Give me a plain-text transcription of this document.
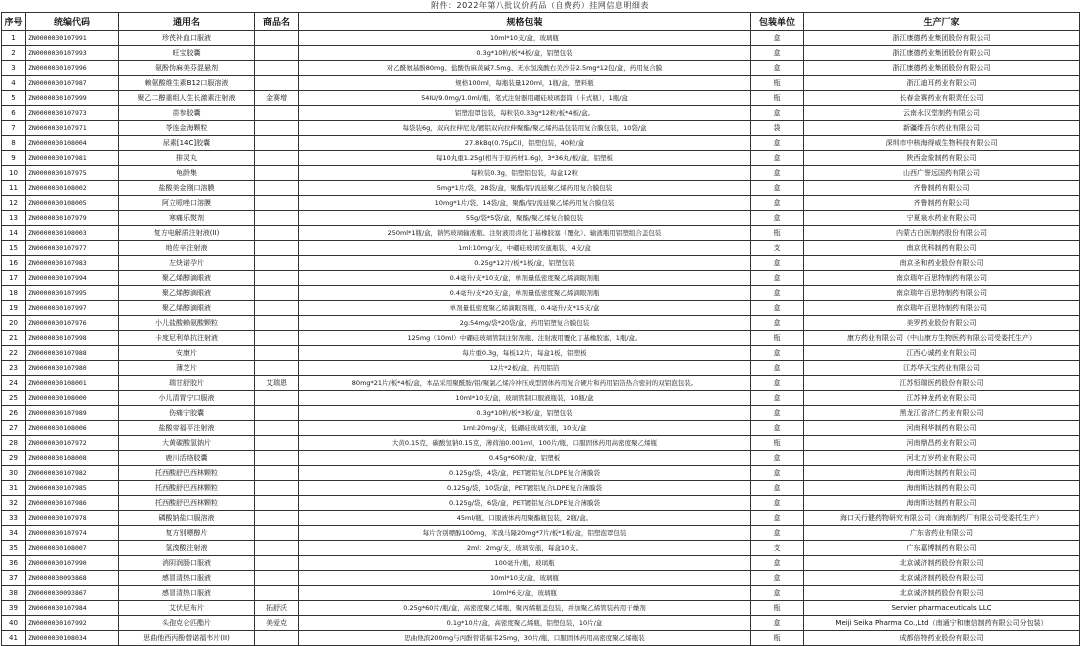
附件：2022年第八批议价药品（自费药）挂网信息明细表
序号	统编代码	通用名	商品名	规格包装	包装单位	生产厂家
1	ZN0000030107991	珍芪补血口服液		10ml*10支/盒，玻璃瓶	盒	浙江康德药业集团股份有限公司
2	ZN0000030107993	旺宝胶囊		0.3g*10粒/板*4板/盒，铝塑包装	盒	浙江康德药业集团股份有限公司
3	ZN0000030107996	氨酚伪麻美芬混悬剂		对乙酰氨基酚80mg、盐酸伪麻黄碱7.5mg、无水氢溴酸右美沙芬2.5mg*12包/盒，药用复合膜	盒	浙江康德药业集团股份有限公司
4	ZN0000030107987	赖氨酸维生素B12口服溶液		规格100ml，每瓶装量120ml，1瓶/盒，塑料瓶	瓶	浙江迪耳药业有限公司
5	ZN0000030107999	聚乙二醇重组人生长激素注射液	金赛增	54IU/9.0mg/1.0ml/瓶，笔式注射器用硼硅玻璃套筒（卡式瓶），1瓶/盒	瓶	长春金赛药业有限责任公司
6	ZN0000030107973	苗参胶囊		铝塑泡罩包装，每粒装0.33g*12粒/板*4板/盒。	盒	云南永汉堂制药有限公司
7	ZN0000030107971	苓连金海颗粒		每袋装6g，双向拉伸尼龙/镀铝双向拉伸聚酯/聚乙烯药品包装用复合膜包装，10袋/盒	袋	新疆维吾尔药业有限公司
8	ZN0000030108004	尿素[14C]胶囊		27.8kBq(0.75μCi)，铝塑包装，40粒/盒	盒	深圳市中核海得威生物科技有限公司
9	ZN0000030107981	排灵丸		每10丸重1.25g(相当于原药材1.6g)，3*36丸/板/盒，铝塑板	盒	陕西金象制药有限公司
10	ZN0000030107975	龟龄集		每粒装0.3g，铝塑铝包装，每盒12粒	盒	山西广誉远国药有限公司
11	ZN0000030108002	盐酸美金刚口溶膜		5mg*1片/袋，28袋/盒，聚酯/铝/流延聚乙烯药用复合膜包装	盒	齐鲁制药有限公司
12	ZN0000030108005	阿立哌唑口溶膜		10mg*1片/袋，14袋/盒，聚酯/铝/流延聚乙烯药用复合膜包装	盒	齐鲁制药有限公司
13	ZN0000030107979	寒痛乐熨剂		55g/袋*5袋/盒，聚酯/聚乙烯复合膜包装	盒	宁夏泉水药业有限公司
14	ZN0000030108003	复方电解质注射液(II)		250ml*1瓶/盒，钠钙玻璃输液瓶、注射液用卤化丁基橡胶塞（覆化）、输液瓶用铝塑组合盖包装	瓶	内蒙古白医制药股份有限公司
15	ZN0000030107977	地佐辛注射液		1ml:10mg/支，中硼硅玻璃安瓿瓶装，4支/盒	支	南京优科制药有限公司
16	ZN0000030107983	左炔诺孕片		0.25g*12片/板*1板/盒，铝塑包装	盒	南京圣和药业股份有限公司
17	ZN0000030107994	聚乙烯醇滴眼液		0.4毫升/支*10支/盒，单剂量低密度聚乙烯滴眼剂瓶	盒	南京瑞年百思特制药有限公司
18	ZN0000030107995	聚乙烯醇滴眼液		0.4毫升/支*20支/盒，单剂量低密度聚乙烯滴眼剂瓶	盒	南京瑞年百思特制药有限公司
19	ZN0000030107997	聚乙烯醇滴眼液		单剂量低密度聚乙烯滴眼剂瓶，0.4毫升/支*15支/盒	盒	南京瑞年百思特制药有限公司
20	ZN0000030107976	小儿盐酸赖氨酸颗粒		2g:54mg/袋*20袋/盒，药用铝塑复合膜包装	盒	美罗药业股份有限公司
21	ZN0000030107998	卡度尼利单抗注射液		125mg（10ml）中硼硅玻璃管制注射剂瓶、注射液用覆化丁基橡胶塞，1瓶/盒。	瓶	康方药业有限公司（中山康方生物医药有限公司受委托生产）
22	ZN0000030107988	安康片		每片重0.3g，每板12片，每盒1板，铝塑板	盒	江西心诚药业有限公司
23	ZN0000030107980	薄芝片		12片*2板/盒，药用铝箔	盒	江苏华天宝药业有限公司
24	ZN0000030108001	瑞甘舒胶片	艾瑞恩	80mg*21片/板*4板/盒，本品采用聚酰胺/铝/聚氯乙烯冷冲压成型固体药用复合硬片和药用铝箔热合密封的双铝泡包装。	盒	江苏恒瑞医药股份有限公司
25	ZN0000030108000	小儿清胃宁口服液		10ml*10支/盒，玻璃管制口服液瓶装，10瓶/盒	盒	江苏神龙药业有限公司
26	ZN0000030107989	伤痛宁胶囊		0.3g*10粒/板*3板/盒，铝塑包装	盒	黑龙江省济仁药业有限公司
27	ZN0000030108006	盐酸帝福平注射液		1ml:20mg/支，低硼硅玻璃安瓿，10支/盒	盒	河南利华制药有限公司
28	ZN0000030107972	大黄碳酸氢钠片		大黄0.15克，碳酸氢钠0.15克，薄荷油0.001ml，100片/瓶，口服固体药用高密度聚乙烯瓶	瓶	河南鼎昌药业有限公司
29	ZN0000030108008	鹿川活络胶囊		0.45g*60粒/盒，铝塑板	盒	河北万岁药业有限公司
30	ZN0000030107982	托西酸舒巴西林颗粒		0.125g/袋，4袋/盒，PET镀铝复合LDPE复合薄膜袋	盒	海南斯达制药有限公司
31	ZN0000030107985	托西酸舒巴西林颗粒		0.125g/袋，10袋/盒，PET镀铝复合LDPE复合薄膜袋	盒	海南斯达制药有限公司
32	ZN0000030107986	托西酸舒巴西林颗粒		0.125g/袋，6袋/盒，PET镀铝复合LDPE复合薄膜袋	盒	海南斯达制药有限公司
33	ZN0000030107978	磷酸钠盐口服溶液		45ml/瓶，口服液体药用聚酯瓶包装，2瓶/盒。	盒	海口天行健药物研究有限公司（海南制药厂有限公司受委托生产）
34	ZN0000030107974	复方别嘌醇片		每片含别嘌醇100mg，苯溴马隆20mg*7片/板*1板/盒，铝塑泡罩包装	盒	广东省药业有限公司
35	ZN0000030108007	氢溴酸注射液		2ml：2mg/支，玻璃安瓿，每盒10支。	支	广东嘉博制药有限公司
36	ZN0000030107990	消阴润肠口服液		100毫升/瓶，玻璃瓶	盒	北京诚济制药股份有限公司
37	ZN0000030093868	感冒清热口服液		10ml*10支/盒，玻璃瓶	盒	北京诚济制药股份有限公司
38	ZN0000030093867	感冒清热口服液		10ml*6支/盒，玻璃瓶	盒	北京诚济制药股份有限公司
39	ZN0000030107984	艾伏尼布片	拓舒沃	0.25g*60片/瓶/盒，高密度聚乙烯瓶，聚丙烯瓶盖包装，并加聚乙烯管装药用干燥剂	瓶	Servier pharmaceuticals LLC
40	ZN0000030107992	头孢克仑匹酯片	美爱克	0.1g*10片/盒，高密度聚乙烯瓶，铝塑包装，10片/盒	盒	Meiji Seika Pharma Co.,Ltd（南通宁和康信制药有限公司分包装）
41	ZN0000030108034	思曲他西丙酚替诺福韦片(II)		思曲他滨200mg与丙酚替诺福韦25mg，30片/瓶，口服固体药用高密度聚乙烯瓶装	瓶	成都倍特药业股份有限公司
